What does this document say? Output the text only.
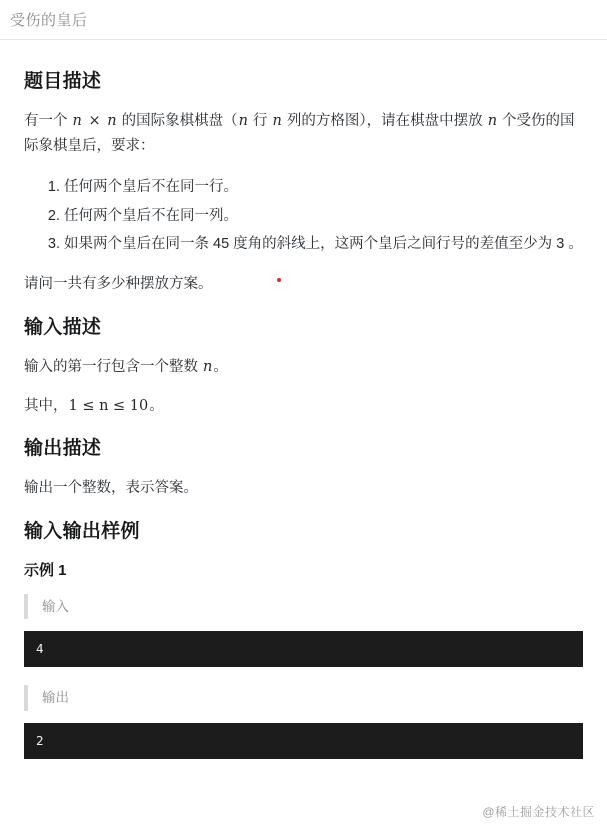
受伤的皇后
题目描述

有一个 n × n 的国际象棋棋盘（n 行 n 列的方格图），请在棋盘中摆放 n 个受伤的国际象棋皇后，要求：

1. 任何两个皇后不在同一行。
2. 任何两个皇后不在同一列。
3. 如果两个皇后在同一条 45 度角的斜线上，这两个皇后之间行号的差值至少为 3 。

请问一共有多少种摆放方案。

输入描述

输入的第一行包含一个整数 n。

其中，1 ≤ n ≤ 10。

输出描述

输出一个整数，表示答案。

输入输出样例
示例 1
输入
4
输出
2
@稀土掘金技术社区
